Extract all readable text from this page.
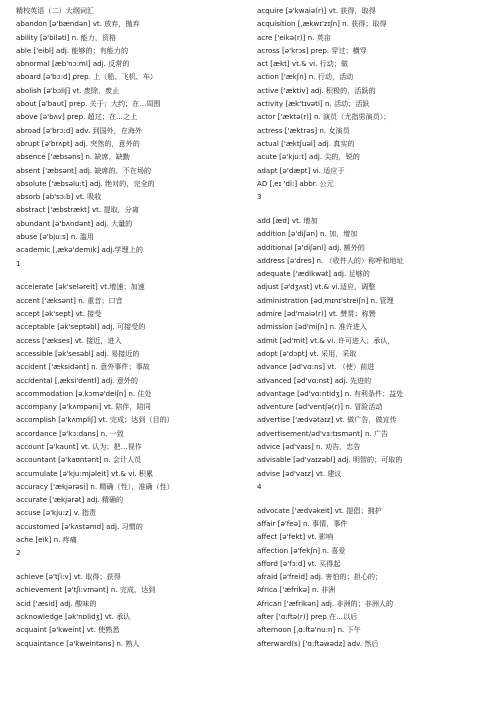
精校英语（二）大纲词汇
abandon [ə'bændən] vt. 放弃，抛弃
ability [ə'biləti] n. 能力，资格
able ['eibl] adj. 能够的；有能力的
abnormal [æb'nɔ:ml] adj. 反常的
aboard [ə'bɔ:d] prep. 上（船、飞机、车）
abolish [ə'bɔliʃ] vt. 废除，废止
about [ə'baut] prep. 关于；大约；在…周围
above [ə'bʌv] prep. 超过；在…之上
abroad [ə'brɔ:d] adv. 到国外，在海外
abrupt [ə'brʌpt] adj. 突然的，意外的
absence ['æbsəns] n. 缺席，缺勤
absent ['æbsənt] adj. 缺席的，不在场的
absolute ['æbsəlu:t] adj. 绝对的，完全的
absorb [əb'sɔ:b] vt. 吸收
abstract ['æbstrækt] vt. 提取，分离
abundant [ə'bʌndənt] adj. 大量的
abuse [ə'bju:s] n. 滥用
academic [ˌækə'demik] adj.学理上的
1
accelerate [ək'seləreit] vt.增速；加速
accent ['æksənt] n. 重音；口音
accept [ək'sept] vt. 接受
acceptable [ək'septəbl] adj. 可接受的
access ['ækses] vt. 接近，进入
accessible [ək'sesəbl] adj. 易接近的
accident ['æksidənt] n. 意外事件；事故
accidental [ˌæksi'dentl] adj. 意外的
accommodation [əˌkɔmə'deiʃn] n. 住处
accompany [ə'kʌmpəni] vt. 陪伴，陪同
accomplish [ə'kʌmpliʃ] vt. 完成；达到（目的）
accordance [ə'kɔ:dans] n. 一致
account [ə'kaunt] vt. 认为；把…视作
accountant [ə'kaʊntənt] n. 会计人员
accumulate [ə'kju:mjəleit] vt.& vi. 积累
accuracy ['ækjərəsi] n. 精确（性），准确（性）
accurate ['ækjərət] adj. 精确的
accuse [ə'kju:z] v. 指责
accustomed [ə'kʌstəmd] adj. 习惯的
ache [eik] n. 疼痛
2
achieve [ə'tʃi:v] vt. 取得；获得
achievement [ə'tʃi:vmənt] n. 完成，达到
acid ['æsid] adj. 酸味的
acknowledge [ək'nɒlidʒ] vt. 承认
acquaint [ə'kweint] vt. 使熟悉
acquaintance [ə'kweintəns] n. 熟人
acquire [ə'kwaiə(r)] vt. 获得，取得
acquisition [ˌækwɪ'zɪʃn] n. 获得；取得
acre ['eikə(r)] n. 英亩
across [ə'krɔs] prep. 穿过；横穿
act [ækt] vt.& vi. 行动；做
action ['ækʃn] n. 行动，活动
active ['æktiv] adj. 积极的，活跃的
activity [æk'tɪvəti] n. 活动；活跃
actor ['æktə(r)] n. 演员（尤指男演员）；
actress ['æktrəs] n. 女演员
actual ['æktʃuəl] adj. 真实的
acute [ə'kju:t] adj. 尖的，锐的
adapt [ə'dæpt] vi. 适应于
AD [ˌeɪ 'di:] abbr. 公元
3
add [æd] vt. 增加
addition [ə'diʃən] n. 加，增加
additional [ə'diʃənl] adj. 额外的
address [ə'dres] n. （收件人的）称呼和地址
adequate ['ædikwət] adj. 足够的
adjust [ə'dʒʌst] vt.& vi.适应，调整
administration [ədˌmɪnɪ'streiʃn] n. 管理
admire [əd'maiə(r)] vt. 赞赏；称赞
admission [əd'miʃn] n. 准许进入
admit [əd'mit] vt.& vi. 许可进入；承认，
adopt [ə'dɔpt] vt. 采用，采取
advance [əd'vɑ:ns] vt. （使）前进
advanced [əd'vɑ:nst] adj. 先进的
advantage [əd'vɑ:ntidʒ] n. 有利条件；益处
adventure [əd'ventʃə(r)] n. 冒险活动
advertise ['ædvətaɪz] vt. 做广告，做宣传
advertisement/əd'vɜ:tɪsmənt] n. 广告
advice [əd'vaɪs] n. 劝告，忠告
advisable [əd'vaɪzəbl] adj. 明智的；可取的
advise [əd'vaɪz] vt. 建议
4
advocate ['ædvəkeit] vt. 提倡；拥护
affair [ə'feə] n. 事情，事件
affect [ə'fekt] vt. 影响
affection [ə'fekʃn] n. 喜爱
afford [ə'fɔ:d] vt. 买得起
afraid [ə'freid] adj. 害怕的；担心的；
Africa ['æfrikə] n. 非洲
African ['æfrikən] adj. 非洲的；非洲人的
after ['ɑ:ftə(r)] prep.在…以后
afternoon [ˌɑ:ftə'nu:n] n. 下午
afterward(s) ['ɑ:ftəwədz] adv. 然后
